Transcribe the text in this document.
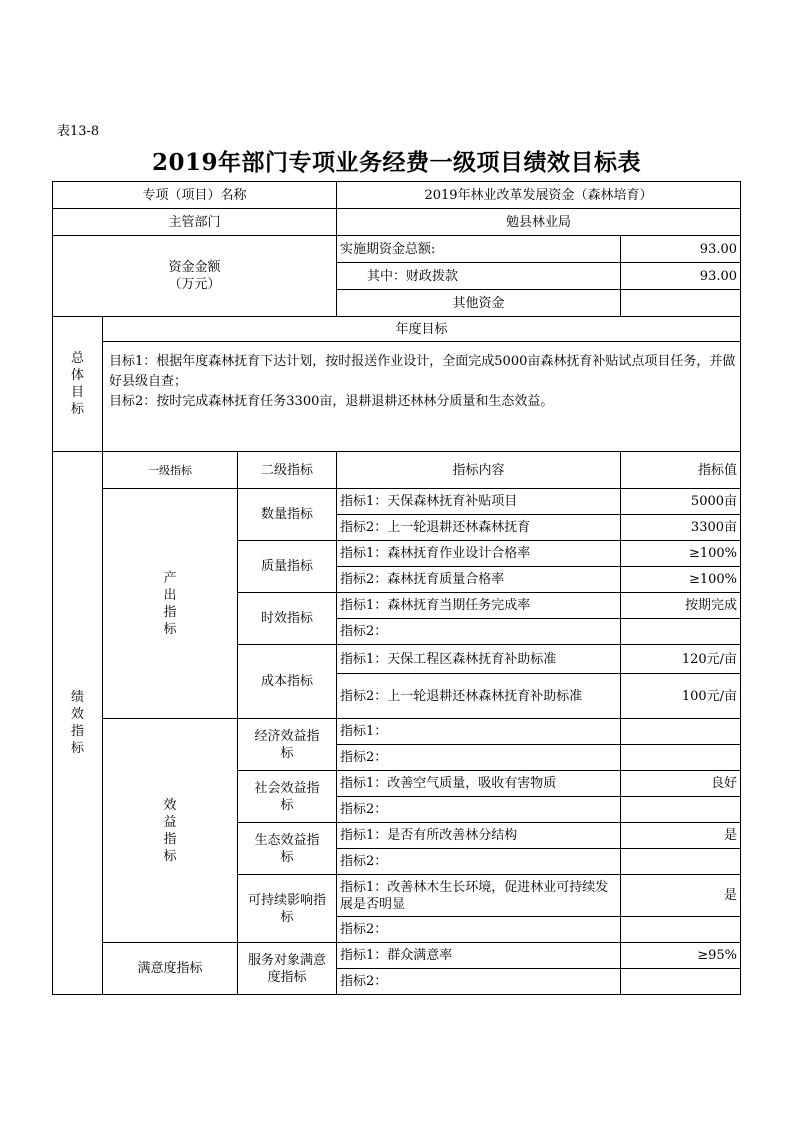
表13-8
2019年部门专项业务经费一级项目绩效目标表
专项（项目）名称			2019年林业改革发展资金（森林培育）	
主管部门			勉县林业局	

资金金额
（万元）			实施期资金总额:	93.00
			其中：财政拨款	93.00
			其他资金	
总体目标	年度目标			

	目标1：根据年度森林抚育下达计划，按时报送作业设计，全面完成5000亩森林抚育补贴试点项目任务，并做好县级自查；
目标2：按时完成森林抚育任务3300亩，退耕退耕还林林分质量和生态效益。			

绩效指标	一级指标	二级指标	指标内容	指标值
	产出指标	数量指标	指标1：天保森林抚育补贴项目	5000亩
			指标2：上一轮退耕还林森林抚育	3300亩
		质量指标	指标1：森林抚育作业设计合格率	≥100%
			指标2：森林抚育质量合格率	≥100%
		时效指标	指标1：森林抚育当期任务完成率	按期完成
			指标2：	
		成本指标	指标1：天保工程区森林抚育补助标准	120元/亩
			指标2：上一轮退耕还林森林抚育补助标准	100元/亩
	效益指标	经济效益指标	指标1：	
			指标2：	
		社会效益指标	指标1：改善空气质量，吸收有害物质	良好
			指标2：	
		生态效益指标	指标1：是否有所改善林分结构	是
			指标2：	
		可持续影响指标	指标1：改善林木生长环境，促进林业可持续发展是否明显	是
			指标2：	
	满意度指标	服务对象满意度指标	指标1：群众满意率	≥95%
			指标2：	
